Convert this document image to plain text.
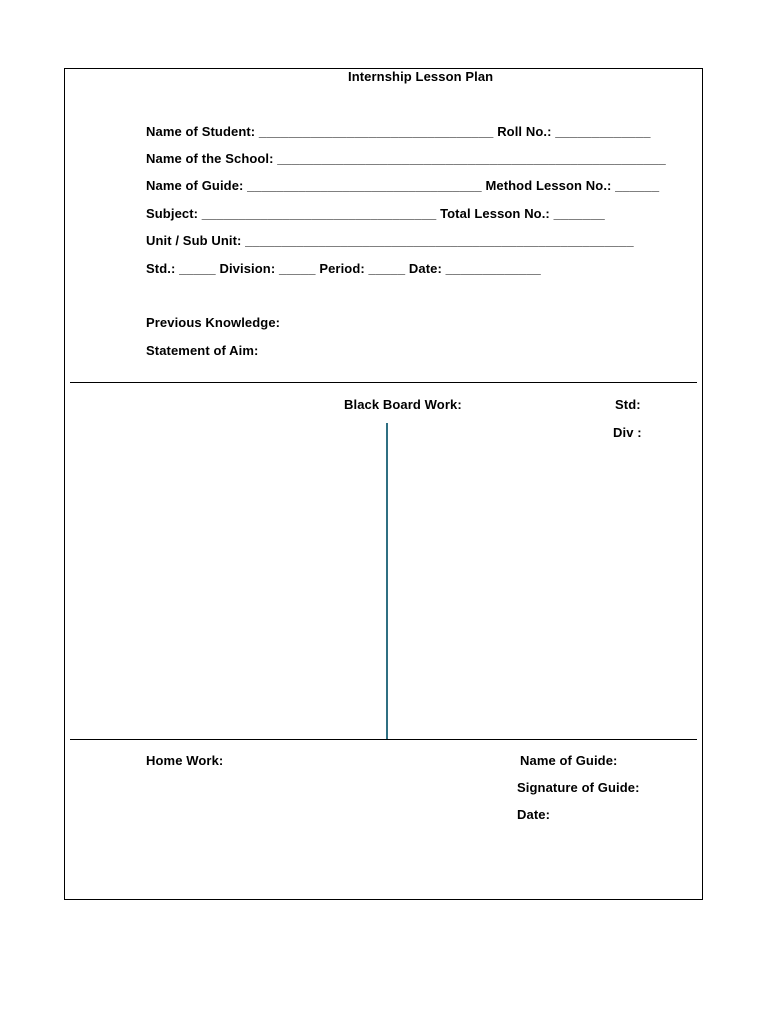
Internship Lesson Plan
Name of Student: ________________________________ Roll No.: _____________
Name of the School: _____________________________________________________
Name of Guide: ________________________________ Method Lesson No.: ______
Subject: ________________________________ Total Lesson No.: _______
Unit / Sub Unit: _____________________________________________________
Std.: _____ Division: _____ Period: _____ Date: _____________
Previous Knowledge:
Statement of Aim:
Black Board Work:	Std:
Div :
Home Work:	Name of Guide:
Signature of Guide:
Date:
